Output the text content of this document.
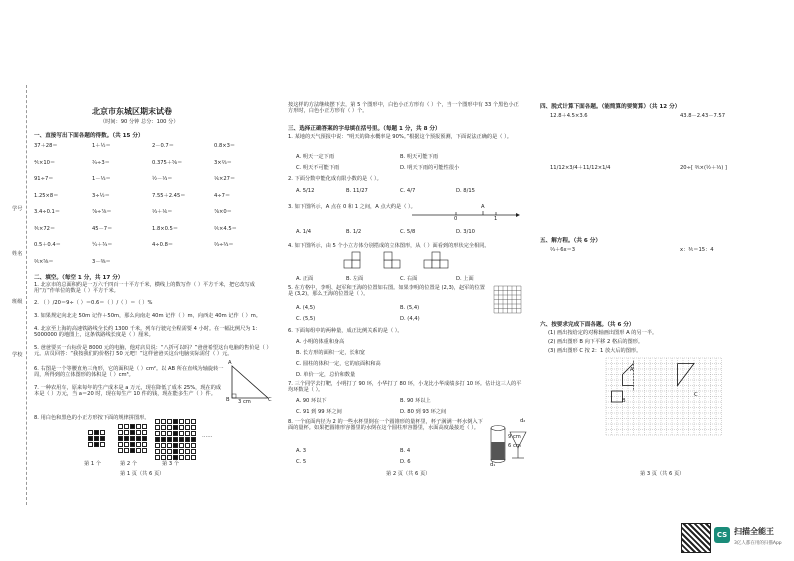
学号
姓名
班级
学校
北京市东城区期末试卷
（时间：90 分钟 总分：100 分）
一、直接写出下面各题的得数。（共 15 分）
37＋28＝	1＋½＝	2－0.7＝	0.8×3＝
⅘×10＝	¾÷3＝	0.375＋⅝＝	3×⅔＝
91÷7＝	1－⅓＝	½－⅓＝	⅙×27＝
1.25×8＝	3÷½＝	7.55＋2.45＝	4÷7＝
3.4÷0.1＝	⅞÷⅞＝	⅓＋⅙＝	⅞×0＝
⅗×72＝	45－7＝	1.8×0.5＝	⅖×4.5＝
0.5＋0.4＝	¼＋¾＝	4÷0.8＝	⅔÷⅔＝
⅖×⅝＝	3－⅜＝
二、填空。（每空 1 分，共 17 分）
1. 北京市的总面积约是一万六千四百一十平方千米，横线上的数写作（ ）平方千米，把它改写成用“万”作单位的数是（ ）平方千米。
2. （ ）/20＝9÷（ ）＝0.6＝（ ）/（ ）＝（ ）%
3. 如果规定向北走 50m 记作＋50m，那么向南走 40m 记作（ ）m，向西走 40m 记作（ ）m。
4. 北京至上海的高速铁路线全长约 1300 千米。列车行驶完全程需要 4 小时。在一幅比例尺为 1：5000000 的地图上，这条铁路线长度是（ ）厘米。
5. 爸爸要买一台标价是 8000 元的电脑，他对店员说：“八折可以吗？”爸爸希望这台电脑的售价是（ ）元。店员回答：“我按我们的价格打 50 元吧！”这样爸爸买这台电脑实际需付（ ）元。
6. 右图是一个等腰直角三角形，它的面积是（ ）cm²。以 AB 所在直线为轴旋转一周，所得到的立体图形的体积是（ ）cm³。
7. 一种农用车，原来每年的生产成本是 a 万元，现在降低了成本 25%，现在的成本是（ ）万元，当 a＝20 时，现在每生产 10 件的钱，现在能多生产（ ）件。
8. 用白色和黑色的小正方形按下面的规律拼图形。
A
B	C
3 cm
……
第 1 个	第 2 个	第 3 个
第 1 页（共 6 页）
按这样的方法继续摆下去，第 5 个图形中，白色小正方形有（ ）个，当一个图形中有 33 个黑色小正方形时，白色小正方形有（ ）个。
三、选择正确答案的字母填在括号里。（每题 1 分，共 8 分）
1. 某地的天气预报中说：“明天的降水概率是 90%。”根据这个预报预测，下面说法正确的是（ ）。
A. 明天一定下雨	B. 明天可能下雨
C. 明天不可能下雨	D. 明天下雨的可能性很小
2. 下面分数中能化成有限小数的是（ ）。
A. 5/12	B. 11/27	C. 4/7	D. 8/15
3. 如下图所示，A 点在 0 和 1 之间，A 点大约是（ ）。
0	1
A
A. 1/4	B. 1/2	C. 5/8	D. 3/10
4. 如下图所示，由 5 个小立方体分别搭成的立体图形，从（ ）面看到的形状完全相同。
A. 正面	B. 左面	C. 右面	D. 上面
5. 在方格中，李明、赵军和王海的位置如右图。如果李明的位置是 (2,3)，赵军的位置是 (3,2)，那么王海的位置是（ ）。
A. (4,5)	B. (5,4)
C. (5,5)	D. (4,4)
6. 下面每组中的两种量，成正比例关系的是（ ）。
A. 小明的体重和身高
B. 长方形的面积一定，长和宽
C. 圆柱的体积一定，它的底面积和高
D. 单价一定，总价和数量
7. 三个同学去打靶，小明打了 90 环，小华打了 80 环，小龙比小华成绩多打 10 环。估计这三人的平均环数是（ ）。
A. 90 环以下	B. 90 环以上
C. 91 到 99 环之间	D. 80 到 93 环之间
8. 一个底面内径为 2 的一些水杯里倒在一个圆锥形的量杯里，杯子满满一杯水倒入下面的量杯。如果把圆锥形容器里的水倒在这个圆柱形容器里，水面高度最接近（ ）。
d₂
d₁
9 cm
6 cm
A. 3	B. 4
C. 5	D. 6
第 2 页（共 6 页）
四、脱式计算下面各题。（能简算的要简算）（共 12 分）
12.8＋4.5×3.6	43.8－2.43－7.57
11/12×3/4＋11/12×1/4	20÷[ ⅗×(½＋⅓) ]
五、解方程。（共 6 分）
⅔＋6x＝3	x：⅗＝15：4
六、按要求完成下面各题。（共 6 分）
(1) 画出按给定的对称轴画出图形 A 的另一半。
(2) 画出图形 B 向下平移 2 格后的图形。
(3) 画出图形 C 按 2：1 放大后的图形。
A
B
C
第 3 页（共 6 页）
CS 扫描全能王
3亿人都在用的扫描App
